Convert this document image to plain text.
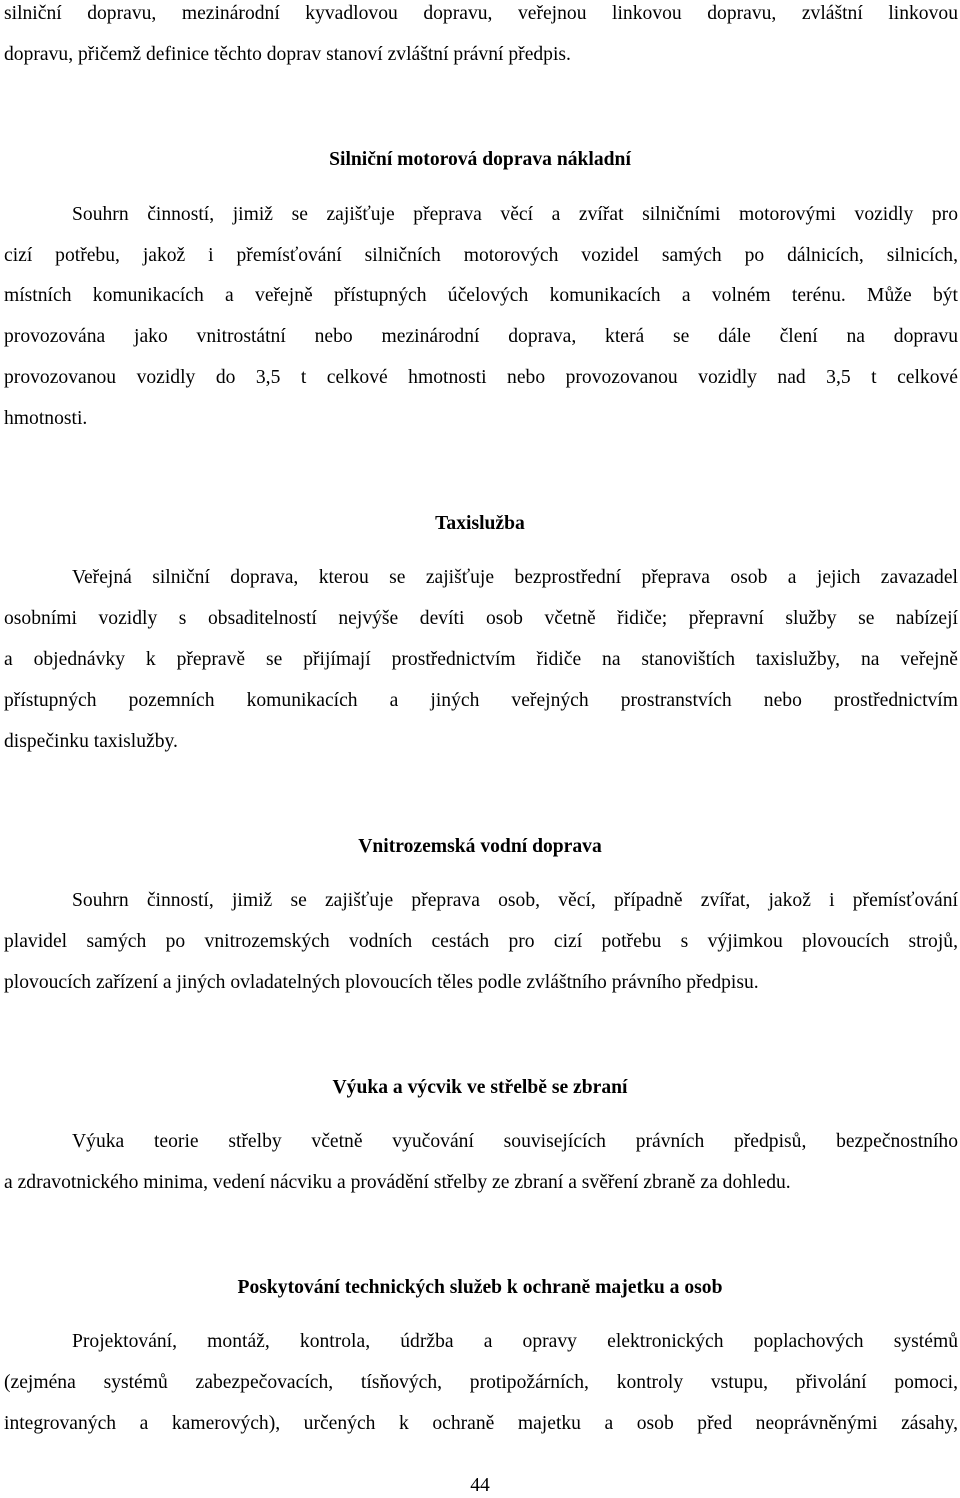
silniční dopravu, mezinárodní kyvadlovou dopravu, veřejnou linkovou dopravu, zvláštní linkovou
dopravu, přičemž definice těchto doprav stanoví zvláštní právní předpis.
Silniční motorová doprava nákladní
Souhrn činností, jimiž se zajišťuje přeprava věcí a zvířat silničními motorovými vozidly pro
cizí potřebu, jakož i přemísťování silničních motorových vozidel samých po dálnicích, silnicích,
místních komunikacích a veřejně přístupných účelových komunikacích a volném terénu. Může být
provozována jako vnitrostátní nebo mezinárodní doprava, která se dále člení na dopravu
provozovanou vozidly do 3,5 t celkové hmotnosti nebo provozovanou vozidly nad 3,5 t celkové
hmotnosti.
Taxislužba
Veřejná silniční doprava, kterou se zajišťuje bezprostřední přeprava osob a jejich zavazadel
osobními vozidly s obsaditelností nejvýše devíti osob včetně řidiče; přepravní služby se nabízejí
a objednávky k přepravě se přijímají prostřednictvím řidiče na stanovištích taxislužby, na veřejně
přístupných pozemních komunikacích a jiných veřejných prostranstvích nebo prostřednictvím
dispečinku taxislužby.
Vnitrozemská vodní doprava
Souhrn činností, jimiž se zajišťuje přeprava osob, věcí, případně zvířat, jakož i přemísťování
plavidel samých po vnitrozemských vodních cestách pro cizí potřebu s výjimkou plovoucích strojů,
plovoucích zařízení a jiných ovladatelných plovoucích těles podle zvláštního právního předpisu.
Výuka a výcvik ve střelbě se zbraní
Výuka teorie střelby včetně vyučování souvisejících právních předpisů, bezpečnostního
a zdravotnického minima, vedení nácviku a provádění střelby ze zbraní a svěření zbraně za dohledu.
Poskytování technických služeb k ochraně majetku a osob
Projektování, montáž, kontrola, údržba a opravy elektronických poplachových systémů
(zejména systémů zabezpečovacích, tísňových, protipožárních, kontroly vstupu, přivolání pomoci,
integrovaných a kamerových), určených k ochraně majetku a osob před neoprávněnými zásahy,
44
